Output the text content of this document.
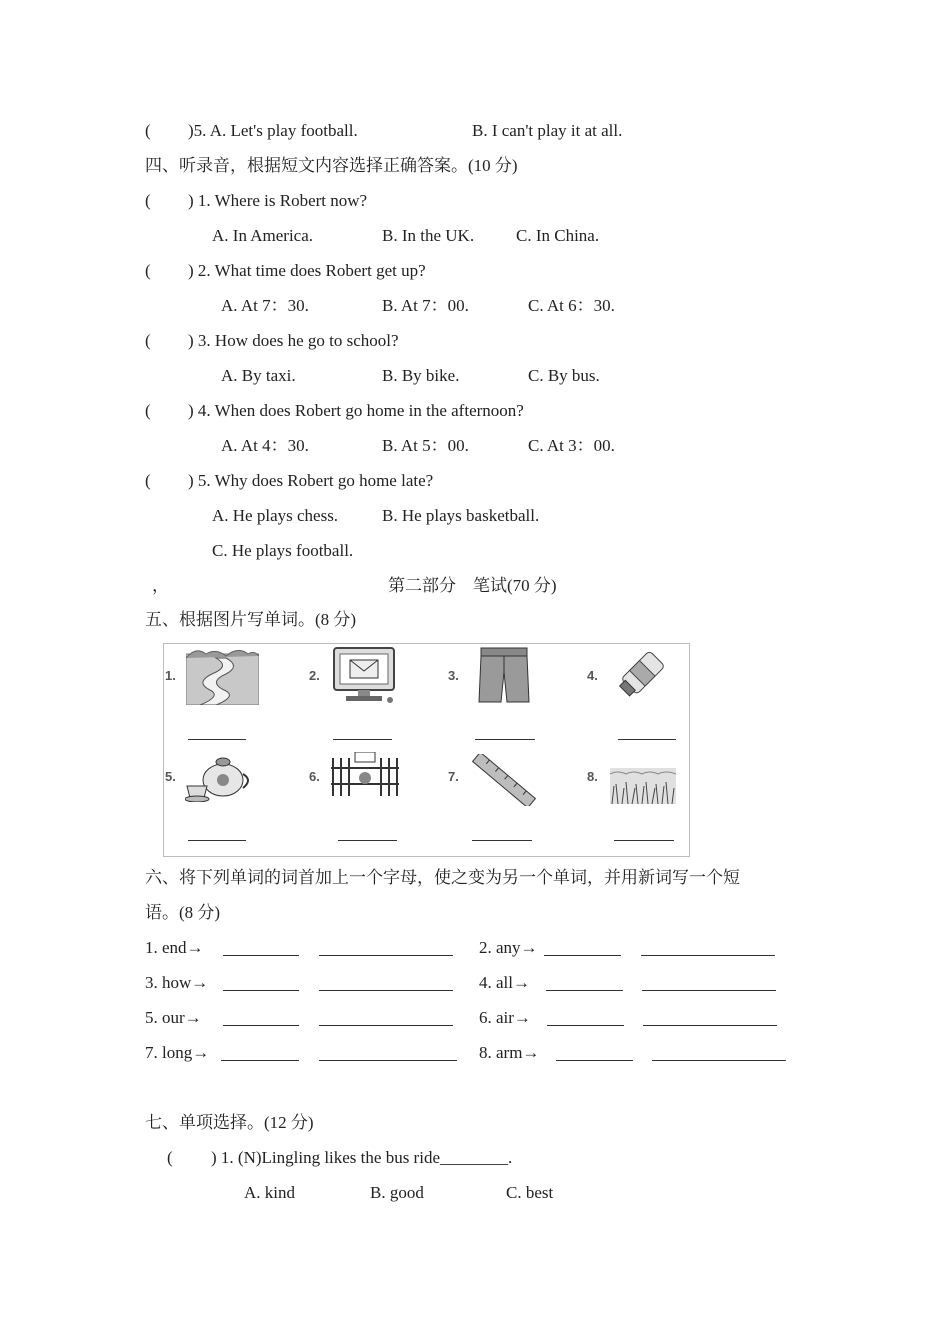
( )5. A. Let's play football.	B. I can't play it at all.
四、听录音，根据短文内容选择正确答案。(10 分)
( ) 1. Where is Robert now?
A. In America.	B. In the UK. C. In China.
( ) 2. What time does Robert get up?
A. At 7：30.	B. At 7：00.	C. At 6：30.
( ) 3. How does he go to school?
A. By taxi.	B. By bike.	C. By bus.
( ) 4. When does Robert go home in the afternoon?
A. At 4：30.	B. At 5：00.	C. At 3：00.
( ) 5. Why does Robert go home late?
A. He plays chess.	B. He plays basketball.
C. He plays football.
，	第二部分    笔试(70 分)
五、根据图片写单词。(8 分)
1.	2.	3.	4.
5.	6.	7.	8.
六、将下列单词的词首加上一个字母，使之变为另一个单词，并用新词写一个短
语。(8 分)
1. end→	2. any→
3. how→	4. all→
5. our→	6. air→
7. long→	8. arm→
七、单项选择。(12 分)
( ) 1. (N)Lingling likes the bus ride________.
A. kind	B. good	C. best
